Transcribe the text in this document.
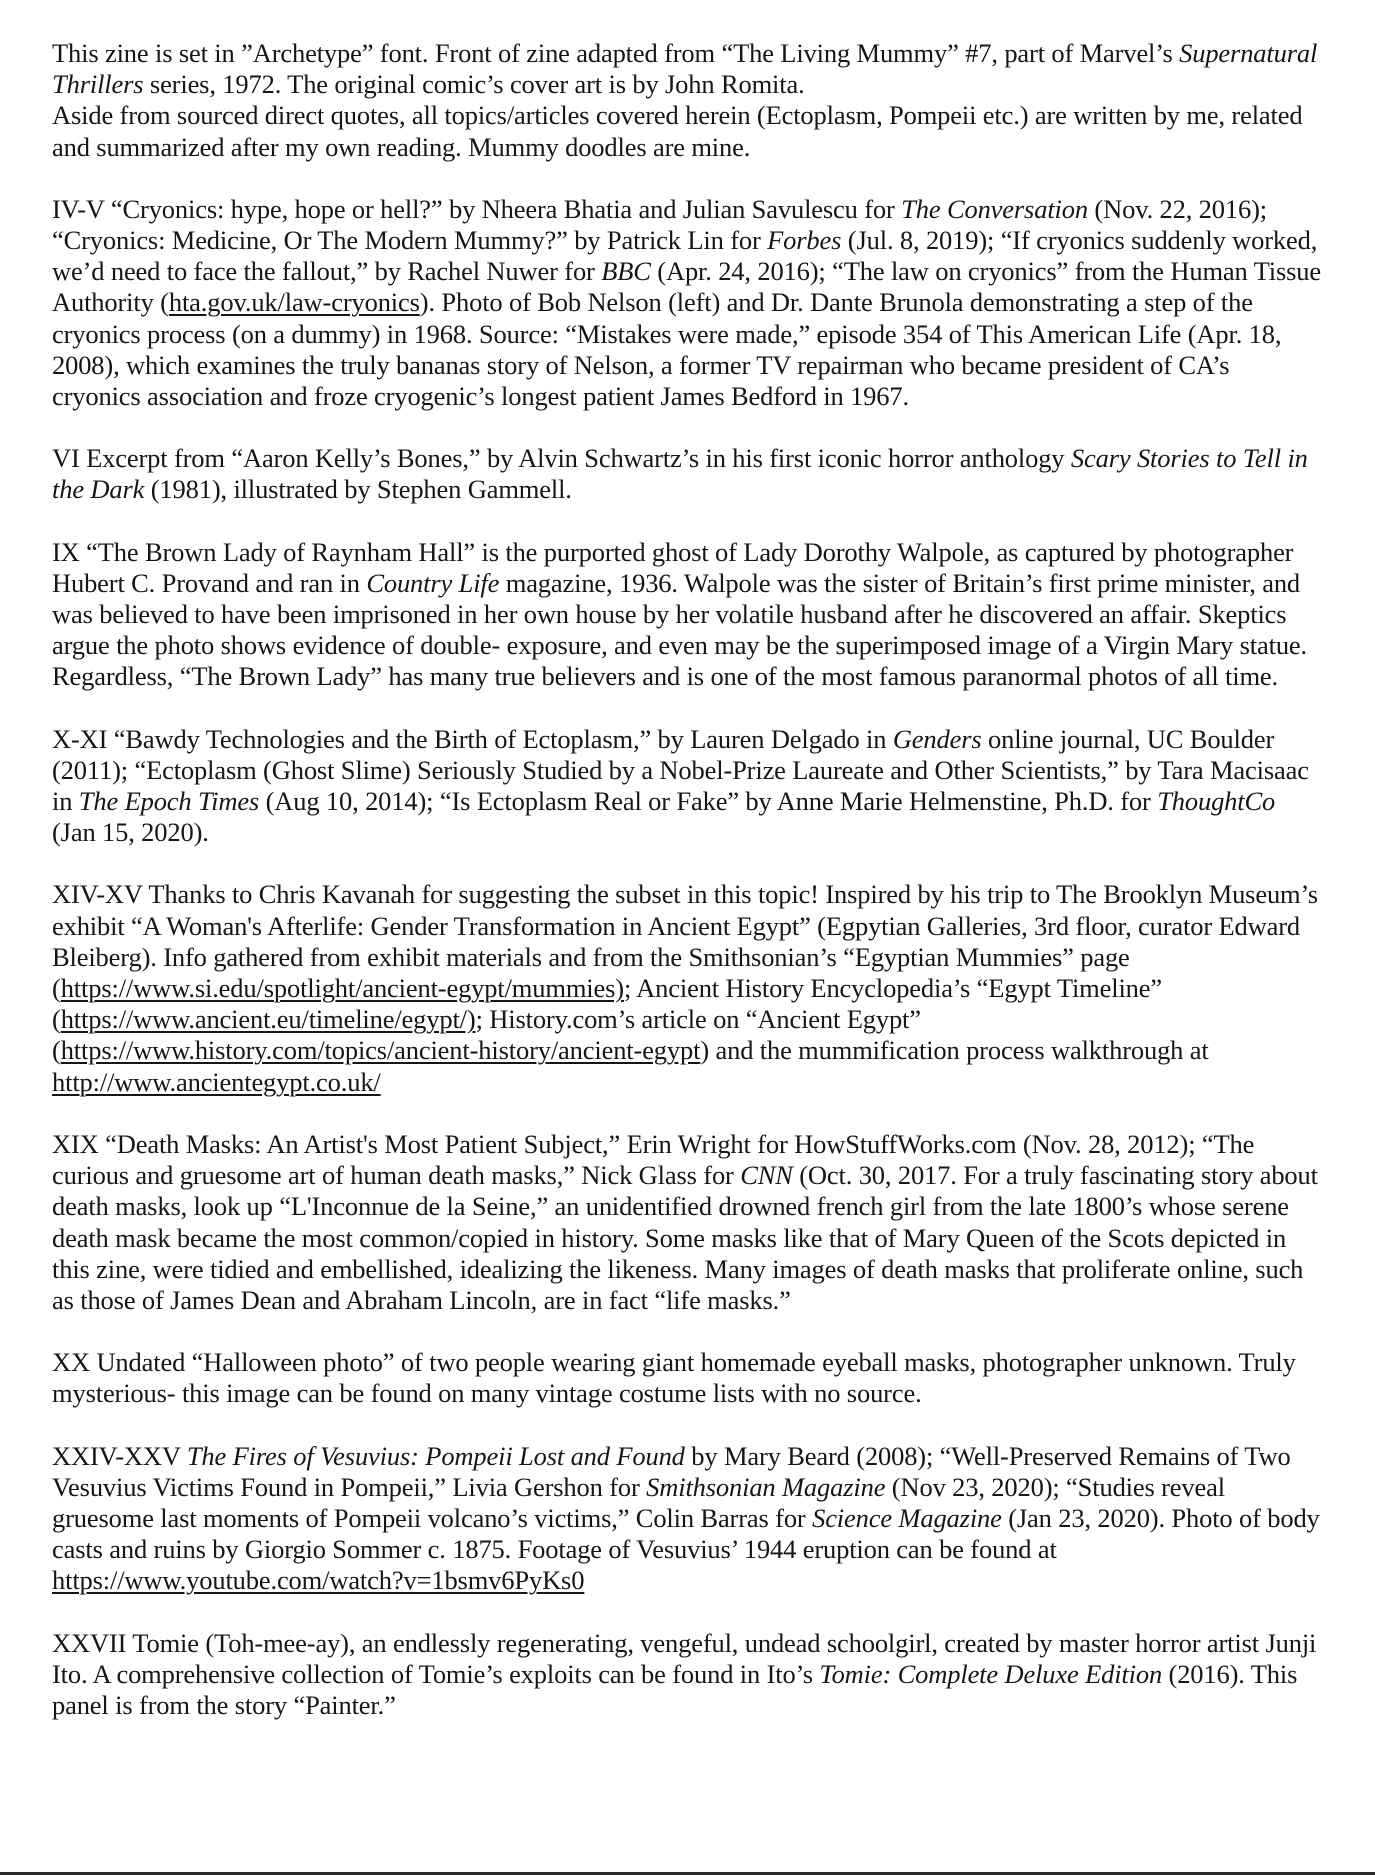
This zine is set in ”Archetype” font. Front of zine adapted from “The Living Mummy” #7, part of Marvel’s Supernatural Thrillers series, 1972. The original comic’s cover art is by John Romita.
Aside from sourced direct quotes, all topics/articles covered herein (Ectoplasm, Pompeii etc.) are written by me, related and summarized after my own reading. Mummy doodles are mine.

IV-V “Cryonics: hype, hope or hell?” by Nheera Bhatia and Julian Savulescu for The Conversation (Nov. 22, 2016); “Cryonics: Medicine, Or The Modern Mummy?” by Patrick Lin for Forbes (Jul. 8, 2019); “If cryonics suddenly worked, we’d need to face the fallout,” by Rachel Nuwer for BBC (Apr. 24, 2016); “The law on cryonics” from the Human Tissue Authority (hta.gov.uk/law-cryonics). Photo of Bob Nelson (left) and Dr. Dante Brunola demonstrating a step of the cryonics process (on a dummy) in 1968. Source: “Mistakes were made,” episode 354 of This American Life (Apr. 18, 2008), which examines the truly bananas story of Nelson, a former TV repairman who became president of CA’s cryonics association and froze cryogenic’s longest patient James Bedford in 1967.

VI Excerpt from “Aaron Kelly’s Bones,” by Alvin Schwartz’s in his first iconic horror anthology Scary Stories to Tell in the Dark (1981), illustrated by Stephen Gammell.

IX “The Brown Lady of Raynham Hall” is the purported ghost of Lady Dorothy Walpole, as captured by photographer Hubert C. Provand and ran in Country Life magazine, 1936. Walpole was the sister of Britain’s first prime minister, and was believed to have been imprisoned in her own house by her volatile husband after he discovered an affair. Skeptics argue the photo shows evidence of double- exposure, and even may be the superimposed image of a Virgin Mary statue. Regardless, “The Brown Lady” has many true believers and is one of the most famous paranormal photos of all time.

X-XI “Bawdy Technologies and the Birth of Ectoplasm,” by Lauren Delgado in Genders online journal, UC Boulder (2011); “Ectoplasm (Ghost Slime) Seriously Studied by a Nobel-Prize Laureate and Other Scientists,” by Tara Macisaac in The Epoch Times (Aug 10, 2014); “Is Ectoplasm Real or Fake” by Anne Marie Helmenstine, Ph.D. for ThoughtCo (Jan 15, 2020).

XIV-XV Thanks to Chris Kavanah for suggesting the subset in this topic! Inspired by his trip to The Brooklyn Museum’s exhibit “A Woman's Afterlife: Gender Transformation in Ancient Egypt” (Egpytian Galleries, 3rd floor, curator Edward Bleiberg). Info gathered from exhibit materials and from the Smithsonian’s “Egyptian Mummies” page (https://www.si.edu/spotlight/ancient-egypt/mummies); Ancient History Encyclopedia’s “Egypt Timeline” (https://www.ancient.eu/timeline/egypt/); History.com’s article on “Ancient Egypt” (https://www.history.com/topics/ancient-history/ancient-egypt) and the mummification process walkthrough at http://www.ancientegypt.co.uk/

XIX “Death Masks: An Artist's Most Patient Subject,” Erin Wright for HowStuffWorks.com (Nov. 28, 2012); “The curious and gruesome art of human death masks,” Nick Glass for CNN (Oct. 30, 2017. For a truly fascinating story about death masks, look up “L'Inconnue de la Seine,” an unidentified drowned french girl from the late 1800’s whose serene death mask became the most common/copied in history. Some masks like that of Mary Queen of the Scots depicted in this zine, were tidied and embellished, idealizing the likeness. Many images of death masks that proliferate online, such as those of James Dean and Abraham Lincoln, are in fact “life masks.”

XX Undated “Halloween photo” of two people wearing giant homemade eyeball masks, photographer unknown. Truly mysterious- this image can be found on many vintage costume lists with no source.

XXIV-XXV The Fires of Vesuvius: Pompeii Lost and Found by Mary Beard (2008); “Well-Preserved Remains of Two Vesuvius Victims Found in Pompeii,” Livia Gershon for Smithsonian Magazine (Nov 23, 2020); “Studies reveal gruesome last moments of Pompeii volcano’s victims,” Colin Barras for Science Magazine (Jan 23, 2020). Photo of body casts and ruins by Giorgio Sommer c. 1875. Footage of Vesuvius’ 1944 eruption can be found at https://www.youtube.com/watch?v=1bsmv6PyKs0

XXVII Tomie (Toh-mee-ay), an endlessly regenerating, vengeful, undead schoolgirl, created by master horror artist Junji Ito. A comprehensive collection of Tomie’s exploits can be found in Ito’s Tomie: Complete Deluxe Edition (2016). This panel is from the story “Painter.”
